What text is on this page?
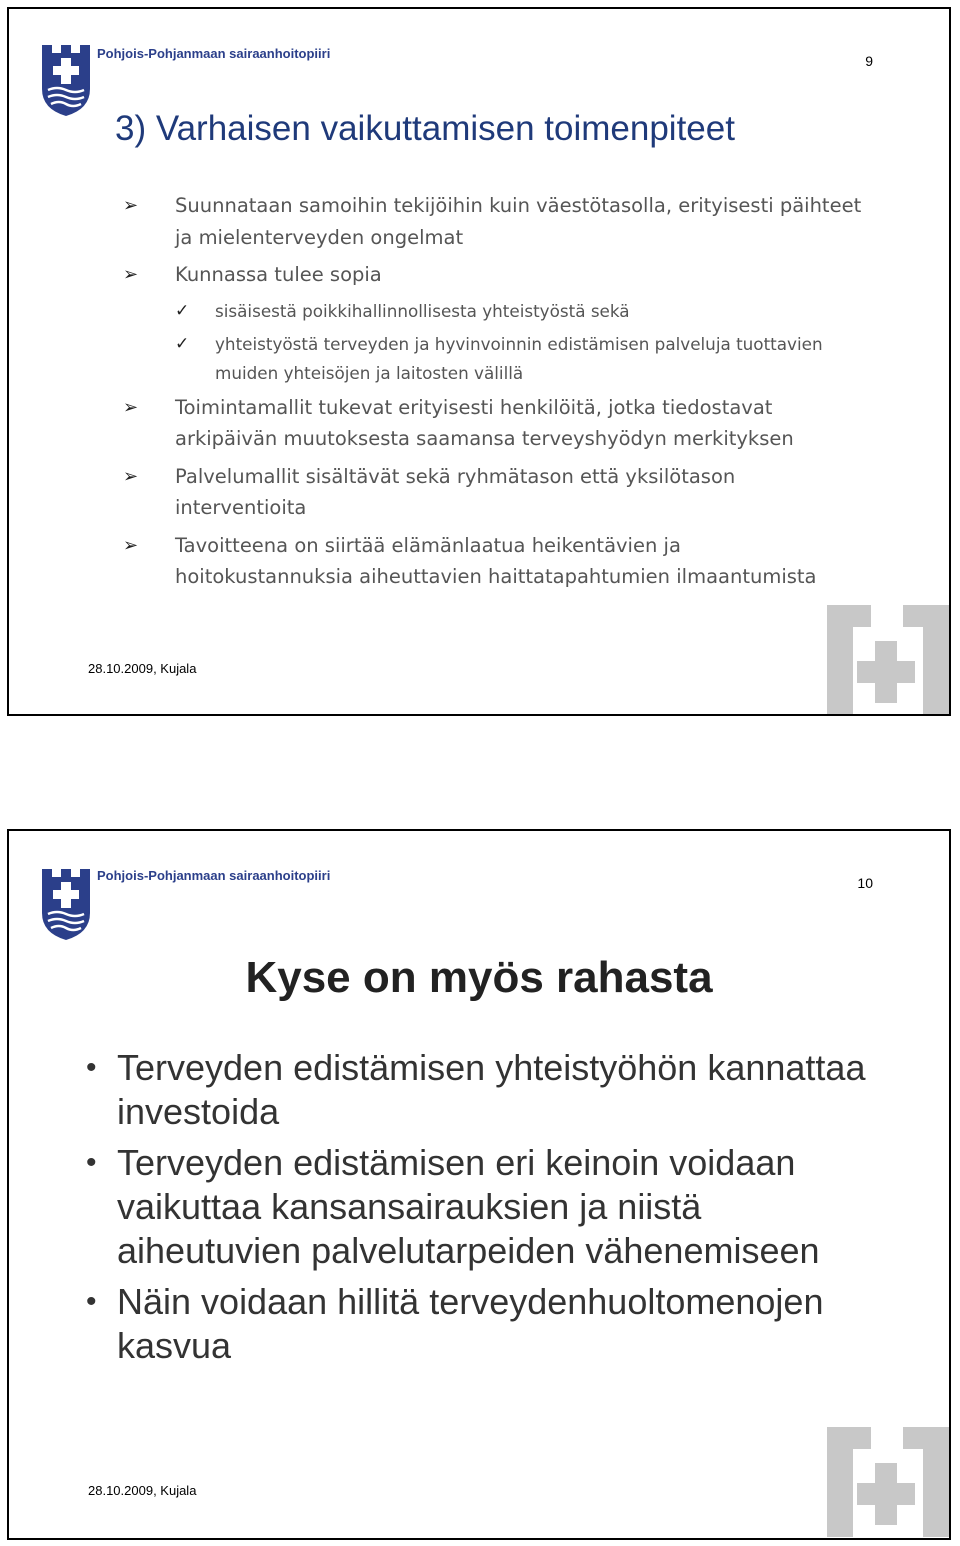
Pohjois-Pohjanmaan sairaanhoitopiiri	9
3) Varhaisen vaikuttamisen toimenpiteet
➢ Suunnataan samoihin tekijöihin kuin väestötasolla, erityisesti päihteet ja mielenterveyden ongelmat
➢ Kunnassa tulee sopia
✓ sisäisestä poikkihallinnollisesta yhteistyöstä sekä
✓ yhteistyöstä terveyden ja hyvinvoinnin edistämisen palveluja tuottavien muiden yhteisöjen ja laitosten välillä
➢ Toimintamallit tukevat erityisesti henkilöitä, jotka tiedostavat arkipäivän muutoksesta saamansa terveyshyödyn merkityksen
➢ Palvelumallit sisältävät sekä ryhmätason että yksilötason interventioita
➢ Tavoitteena on siirtää elämänlaatua heikentävien ja hoitokustannuksia aiheuttavien haittatapahtumien ilmaantumista
28.10.2009, Kujala
Pohjois-Pohjanmaan sairaanhoitopiiri	10
Kyse on myös rahasta
• Terveyden edistämisen yhteistyöhön kannattaa investoida
• Terveyden edistämisen eri keinoin voidaan vaikuttaa kansansairauksien ja niistä aiheutuvien palvelutarpeiden vähenemiseen
• Näin voidaan hillitä terveydenhuoltomenojen kasvua
28.10.2009, Kujala
